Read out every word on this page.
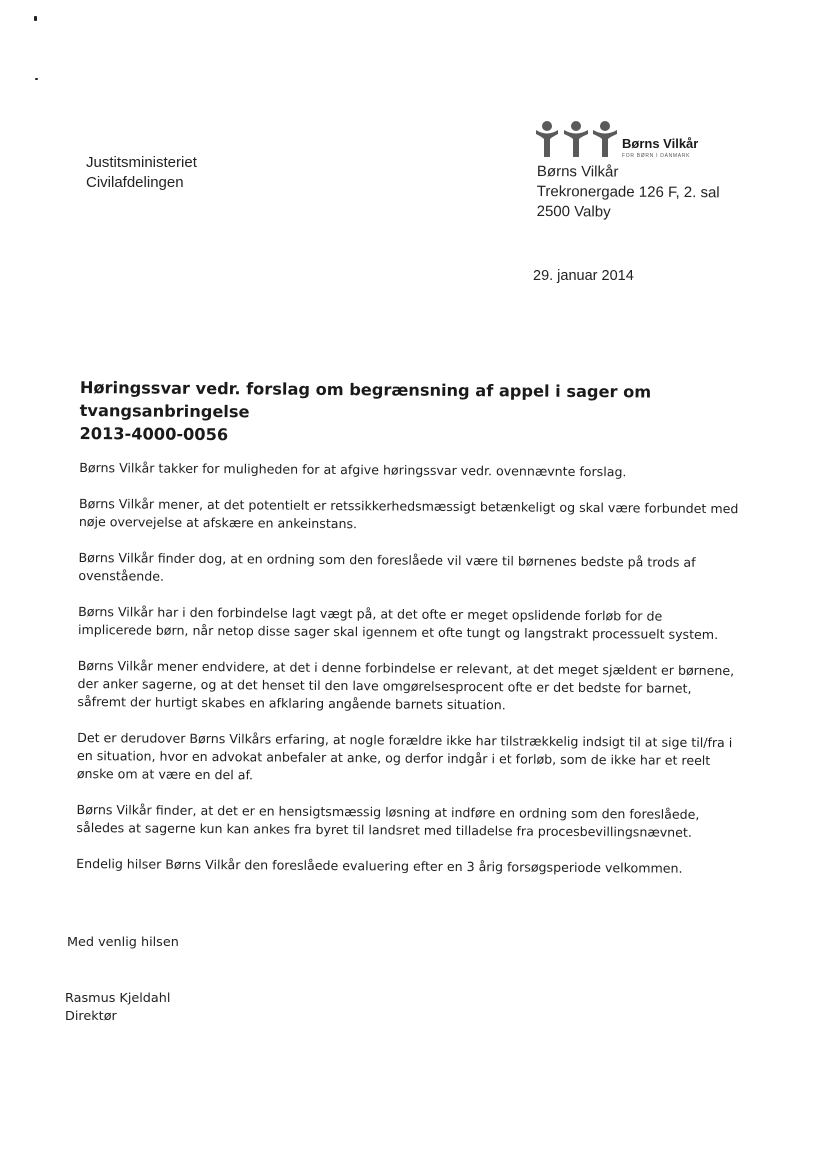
Justitsministeriet
Civilafdelingen
Børns Vilkår
FOR BØRN I DANMARK
Børns Vilkår
Trekronergade 126 F, 2. sal
2500 Valby
29. januar 2014
Høringssvar vedr. forslag om begrænsning af appel i sager om tvangsanbringelse
2013-4000-0056

Børns Vilkår takker for muligheden for at afgive høringssvar vedr. ovennævnte forslag.

Børns Vilkår mener, at det potentielt er retssikkerhedsmæssigt betænkeligt og skal være forbundet med nøje overvejelse at afskære en ankeinstans.

Børns Vilkår finder dog, at en ordning som den foreslåede vil være til børnenes bedste på trods af ovenstående.

Børns Vilkår har i den forbindelse lagt vægt på, at det ofte er meget opslidende forløb for de implicerede børn, når netop disse sager skal igennem et ofte tungt og langstrakt processuelt system.

Børns Vilkår mener endvidere, at det i denne forbindelse er relevant, at det meget sjældent er børnene, der anker sagerne, og at det henset til den lave omgørelsesprocent ofte er det bedste for barnet, såfremt der hurtigt skabes en afklaring angående barnets situation.

Det er derudover Børns Vilkårs erfaring, at nogle forældre ikke har tilstrækkelig indsigt til at sige til/fra i en situation, hvor en advokat anbefaler at anke, og derfor indgår i et forløb, som de ikke har et reelt ønske om at være en del af.

Børns Vilkår finder, at det er en hensigtsmæssig løsning at indføre en ordning som den foreslåede, således at sagerne kun kan ankes fra byret til landsret med tilladelse fra procesbevillingsnævnet.

Endelig hilser Børns Vilkår den foreslåede evaluering efter en 3 årig forsøgsperiode velkommen.

Med venlig hilsen
Rasmus Kjeldahl
Direktør
